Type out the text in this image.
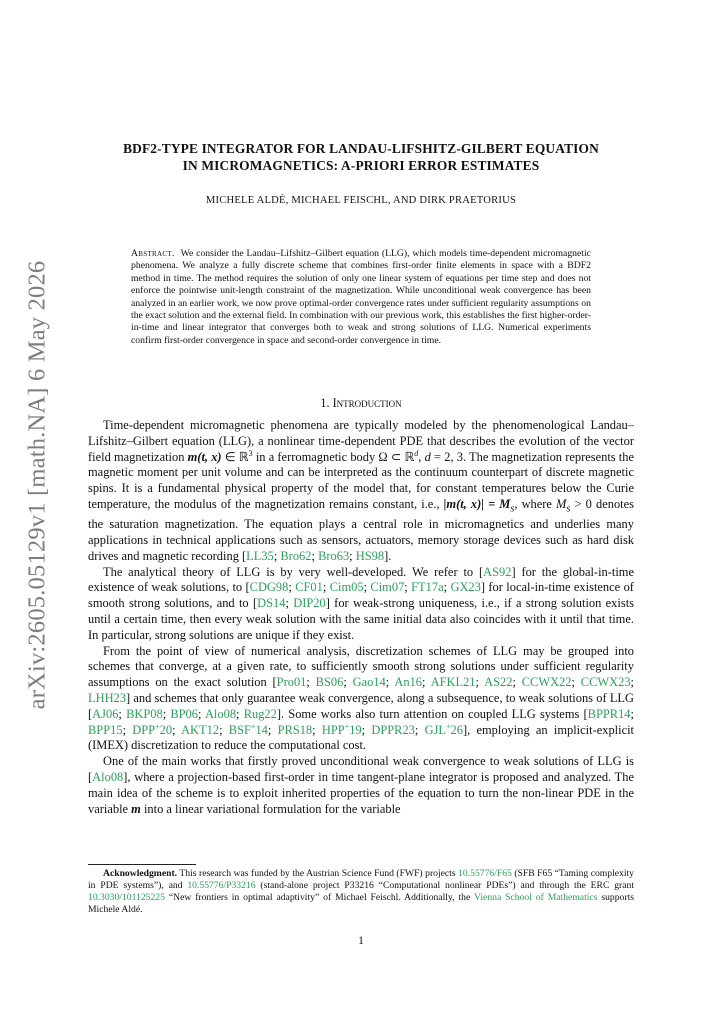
arXiv:2605.05129v1 [math.NA] 6 May 2026
BDF2-TYPE INTEGRATOR FOR LANDAU-LIFSHITZ-GILBERT EQUATION
IN MICROMAGNETICS: A-PRIORI ERROR ESTIMATES
MICHELE ALDÉ, MICHAEL FEISCHL, AND DIRK PRAETORIUS
Abstract. We consider the Landau–Lifshitz–Gilbert equation (LLG), which models time-dependent micromagnetic phenomena. We analyze a fully discrete scheme that combines first-order finite elements in space with a BDF2 method in time. The method requires the solution of only one linear system of equations per time step and does not enforce the pointwise unit-length constraint of the magnetization. While unconditional weak convergence has been analyzed in an earlier work, we now prove optimal-order convergence rates under sufficient regularity assumptions on the exact solution and the external field. In combination with our previous work, this establishes the first higher-order-in-time and linear integrator that converges both to weak and strong solutions of LLG. Numerical experiments confirm first-order convergence in space and second-order convergence in time.
1. Introduction

Time-dependent micromagnetic phenomena are typically modeled by the phenomenological Landau–Lifshitz–Gilbert equation (LLG), a nonlinear time-dependent PDE that describes the evolution of the vector field magnetization m(t, x) ∈ ℝ$^3$ in a ferromagnetic body Ω ⊂ ℝ$^d$, d = 2, 3. The magnetization represents the magnetic moment per unit volume and can be interpreted as the continuum counterpart of discrete magnetic spins. It is a fundamental physical property of the model that, for constant temperatures below the Curie temperature, the modulus of the magnetization remains constant, i.e., |m(t, $x)| = M_s$, where $M_s > 0$ denotes the saturation magnetization. The equation plays a central role in micromagnetics and underlies many applications in technical applications such as sensors, actuators, memory storage devices such as hard disk drives and magnetic recording [LL35; Bro62; Bro63; HS98].

The analytical theory of LLG is by very well-developed. We refer to [AS92] for the global-in-time existence of weak solutions, to [CDG98; CF01; Cim05; Cim07; FT17a; GX23] for local-in-time existence of smooth strong solutions, and to [DS14; DIP20] for weak-strong uniqueness, i.e., if a strong solution exists until a certain time, then every weak solution with the same initial data also coincides with it until that time. In particular, strong solutions are unique if they exist.

From the point of view of numerical analysis, discretization schemes of LLG may be grouped into schemes that converge, at a given rate, to sufficiently smooth strong solutions under sufficient regularity assumptions on the exact solution [Pro01; BS06; Gao14; An16; AFKL21; AS22; CCWX22; CCWX23; LHH23] and schemes that only guarantee weak convergence, along a subsequence, to weak solutions of LLG [AJ06; BKP08; BP06; Alo08; Rug22]. Some works also turn attention on coupled LLG systems [BPPR14; BPP15; DPP+20; AKT12; BSF+14; PRS18; HPP+19; DPPR23; GJL+26], employing an implicit-explicit (IMEX) discretization to reduce the computational cost.

One of the main works that firstly proved unconditional weak convergence to weak solutions of LLG is [Alo08], where a projection-based first-order in time tangent-plane integrator is proposed and analyzed. The main idea of the scheme is to exploit inherited properties of the equation to turn the non-linear PDE in the variable m into a linear variational formulation for the variable

Acknowledgment. This research was funded by the Austrian Science Fund (FWF) projects 10.55776/F65 (SFB F65 “Taming complexity in PDE systems”), and 10.55776/P33216 (stand-alone project P33216 “Computational nonlinear PDEs”) and through the ERC grant 10.3030/101125225 “New frontiers in optimal adaptivity” of Michael Feischl. Additionally, the Vienna School of Mathematics supports Michele Aldé.
1
